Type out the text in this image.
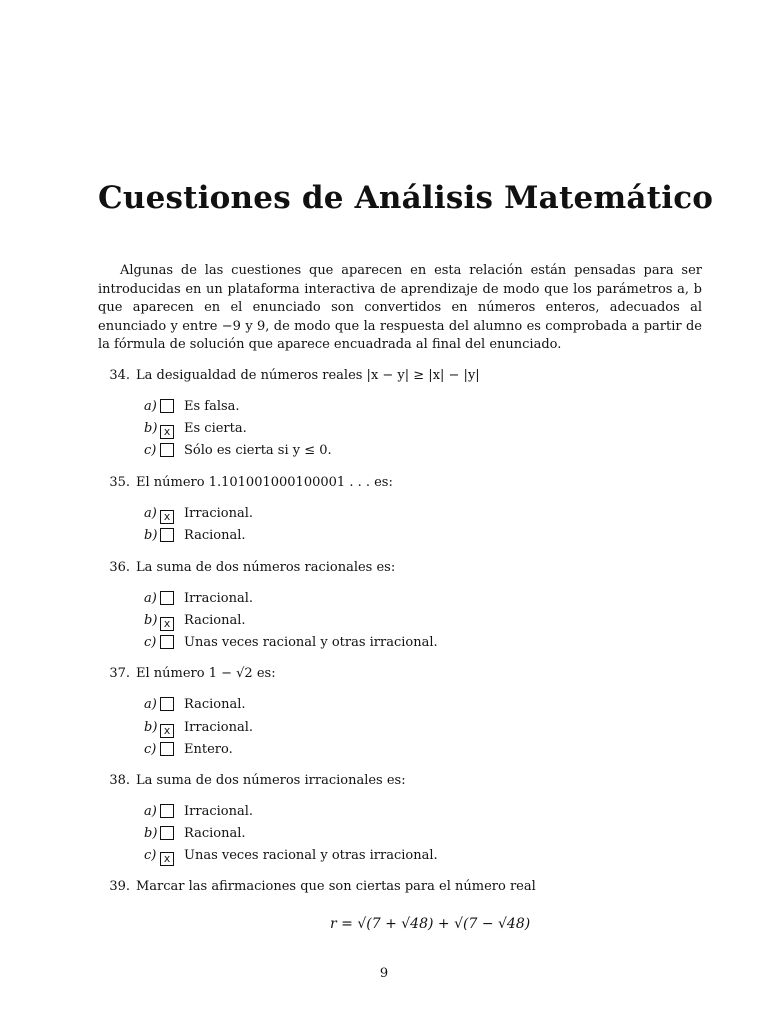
Cuestiones de Análisis Matemático

Algunas de las cuestiones que aparecen en esta relación están pensadas para ser introducidas en un plataforma interactiva de aprendizaje de modo que los parámetros a, b que aparecen en el enunciado son convertidos en números enteros, adecuados al enunciado y entre −9 y 9, de modo que la respuesta del alumno es comprobada a partir de la fórmula de solución que aparece encuadrada al final del enunciado.

34. La desigualdad de números reales |x − y| ≥ |x| − |y|
a) Es falsa.
b) x Es cierta.
c) Sólo es cierta si y ≤ 0.
35. El número 1.101001000100001 . . . es:
a) x Irracional.
b) Racional.
36. La suma de dos números racionales es:
a) Irracional.
b) x Racional.
c) Unas veces racional y otras irracional.
37. El número 1 − √2 es:
a) Racional.
b) x Irracional.
c) Entero.
38. La suma de dos números irracionales es:
a) Irracional.
b) Racional.
c) x Unas veces racional y otras irracional.
39. Marcar las afirmaciones que son ciertas para el número real
r = √(7 + √48) + √(7 − √48)
9
